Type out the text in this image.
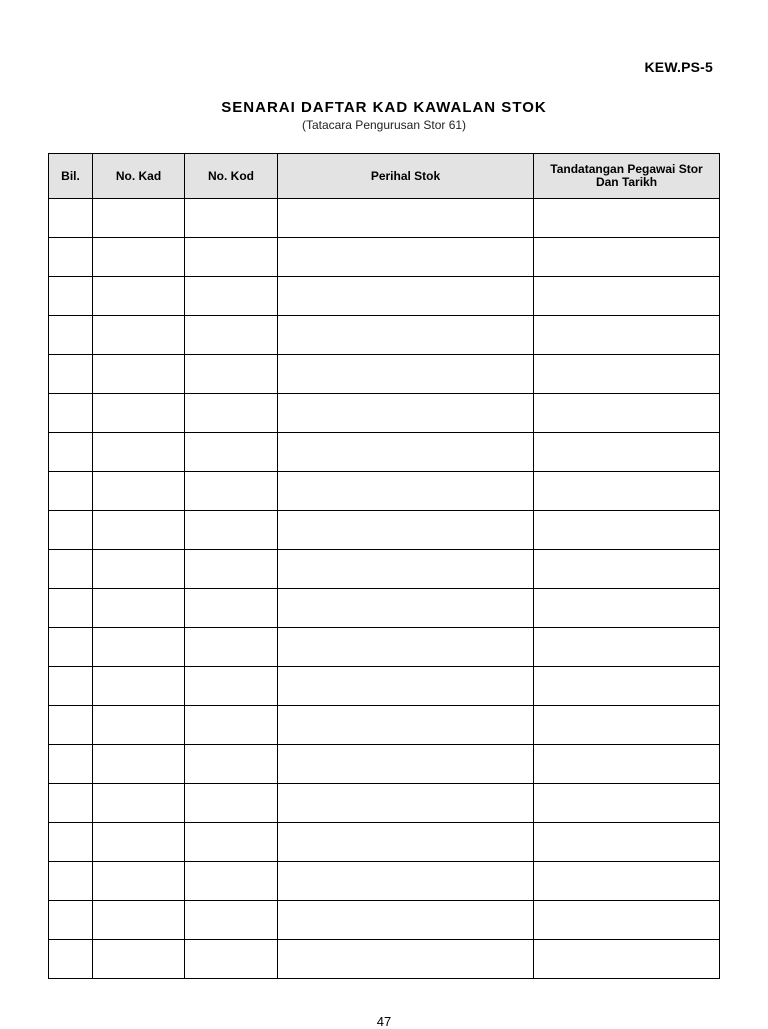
KEW.PS-5
SENARAI DAFTAR KAD KAWALAN STOK
(Tatacara Pengurusan Stor 61)
Bil.	No. Kad	No. Kod	Perihal Stok	Tandatangan Pegawai Stor
Dan Tarikh

47
